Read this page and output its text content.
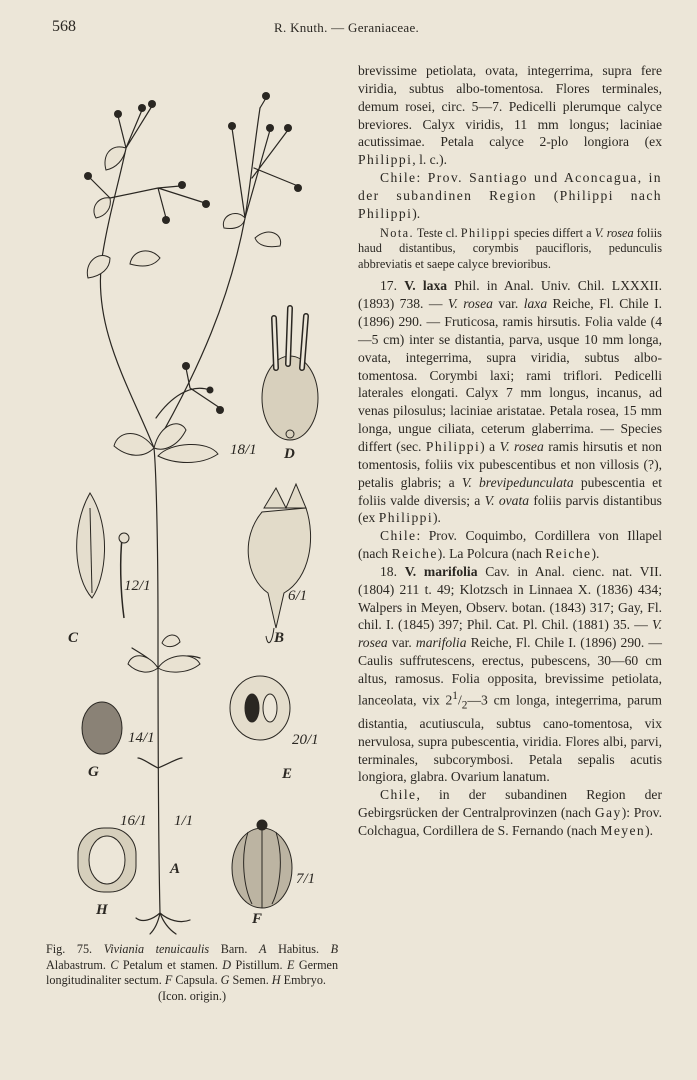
568	R. Knuth. — Geraniaceae.
A
B
C
D
E
F
G
H
1/1
6/1
12/1
18/1
20/1
7/1
14/1
16/1
Fig. 75. Viviania tenuicaulis Barn. A Habitus. B Alabastrum. C Petalum et stamen. D Pistillum. E Germen longitudinaliter sectum. F Capsula. G Semen. H Embryo.
(Icon. origin.)

brevissime petiolata, ovata, integerrima, supra fere viridia, subtus albo-tomentosa. Flores terminales, demum rosei, circ. 5—7. Pedicelli plerumque calyce breviores. Calyx viridis, 11 mm longus; laciniae acutissimae. Petala calyce 2-plo longiora (ex Philippi, l. c.).

Chile: Prov. Santiago und Aconcagua, in der subandinen Region (Philippi nach Philippi).

Nota. Teste cl. Philippi species differt a V. rosea foliis haud distantibus, corymbis paucifloris, pedunculis abbreviatis et saepe calyce brevioribus.

17. V. laxa Phil. in Anal. Univ. Chil. LXXXII. (1893) 738. — V. rosea var. laxa Reiche, Fl. Chile I. (1896) 290. — Fruticosa, ramis hirsutis. Folia valde (4—5 cm) inter se distantia, parva, usque 10 mm longa, ovata, integerrima, supra viridia, subtus albo-tomentosa. Corymbi laxi; rami triflori. Pedicelli laterales elongati. Calyx 7 mm longus, incanus, ad venas pilosulus; laciniae aristatae. Petala rosea, 15 mm longa, ungue ciliata, ceterum glaberrima. — Species differt (sec. Philippi) a V. rosea ramis hirsutis et non tomentosis, foliis vix pubescentibus et non villosis (?), petalis glabris; a V. brevipedunculata pubescentia et foliis valde diversis; a V. ovata foliis parvis distantibus (ex Philippi).

Chile: Prov. Coquimbo, Cordillera von Illapel (nach Reiche). La Polcura (nach Reiche).

18. V. marifolia Cav. in Anal. cienc. nat. VII. (1804) 211 t. 49; Klotzsch in Linnaea X. (1836) 434; Walpers in Meyen, Observ. botan. (1843) 317; Gay, Fl. chil. I. (1845) 397; Phil. Cat. Pl. Chil. (1881) 35. — V. rosea var. marifolia Reiche, Fl. Chile I. (1896) 290. — Caulis suffrutescens, erectus, pubescens, 30—60 cm altus, ramosus. Folia opposita, brevissime petiolata, lanceolata, vix $2^1/_2—3$ cm longa, integerrima, parum distantia, acutiuscula, subtus cano-tomentosa, vix nervulosa, supra pubescentia, viridia. Flores albi, parvi, terminales, subcorymbosi. Petala sepalis acutis longiora, glabra. Ovarium lanatum.

Chile, in der subandinen Region der Gebirgsrücken der Centralprovinzen (nach Gay): Prov. Colchagua, Cordillera de S. Fernando (nach Meyen).
